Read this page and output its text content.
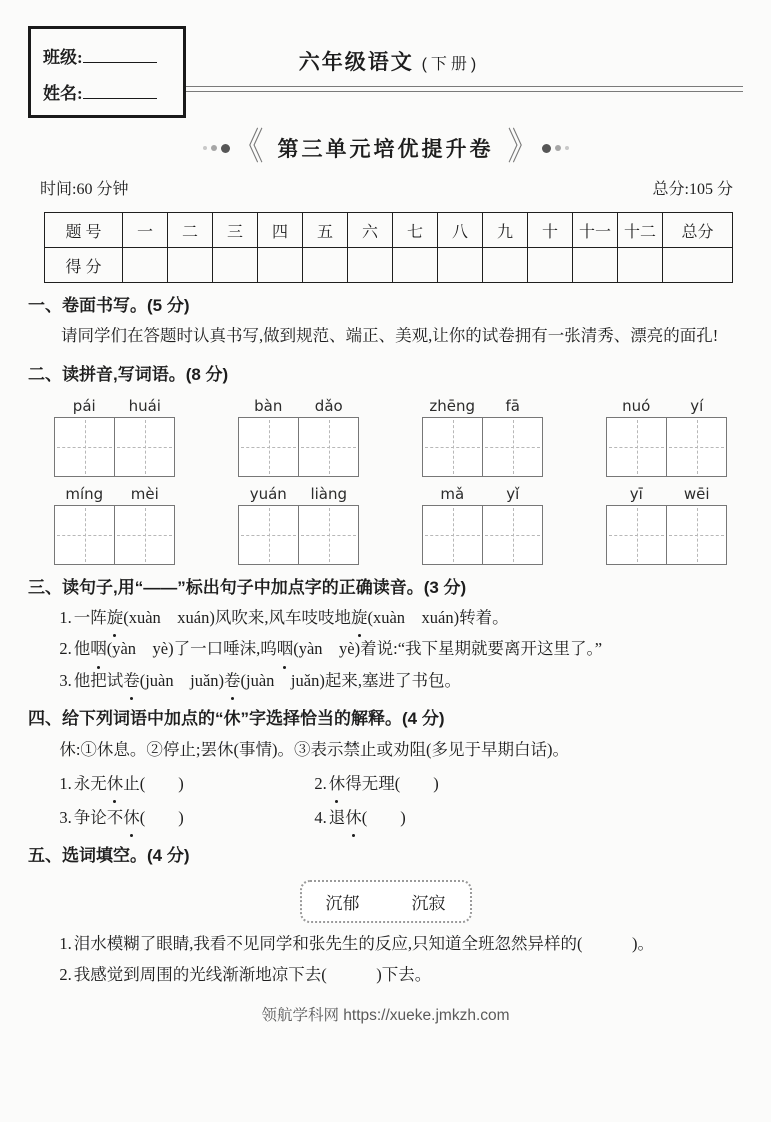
班级:
姓名:
六年级语文 (下册)
《 第三单元培优提升卷 》
时间:60 分钟	总分:105 分
题 号	一	二	三	四	五	六	七	八	九	十	十一	十二	总分
得 分													
一、卷面书写。(5 分)

请同学们在答题时认真书写,做到规范、端正、美观,让你的试卷拥有一张清秀、漂亮的面孔!

二、读拼音,写词语。(8 分)
pái	huái	bàn	dǎo	zhēng	fā	nuó	yí
míng	mèi	yuán	liàng	mǎ	yǐ	yī	wēi
三、读句子,用“——”标出句子中加点字的正确读音。(3 分)

1. 一阵旋(xuàn　xuán)风吹来,风车吱吱地旋(xuàn　xuán)转着。

2. 他咽(yàn　yè)了一口唾沫,呜咽(yàn　yè)着说:“我下星期就要离开这里了。”

3. 他把试卷(juàn　juǎn)卷(juàn　juǎn)起来,塞进了书包。

四、给下列词语中加点的“休”字选择恰当的解释。(4 分)
休:①休息。②停止;罢休(事情)。③表示禁止或劝阻(多见于早期白话)。
1. 永无休止(　　)	2. 休得无理(　　)
3. 争论不休(　　)	4. 退休(　　)
五、选词填空。(4 分)
沉郁	沉寂

1. 泪水模糊了眼睛,我看不见同学和张先生的反应,只知道全班忽然异样的(　　　)。

2. 我感觉到周围的光线渐渐地凉下去(　　　)下去。

领航学科网 https://xueke.jmkzh.com
